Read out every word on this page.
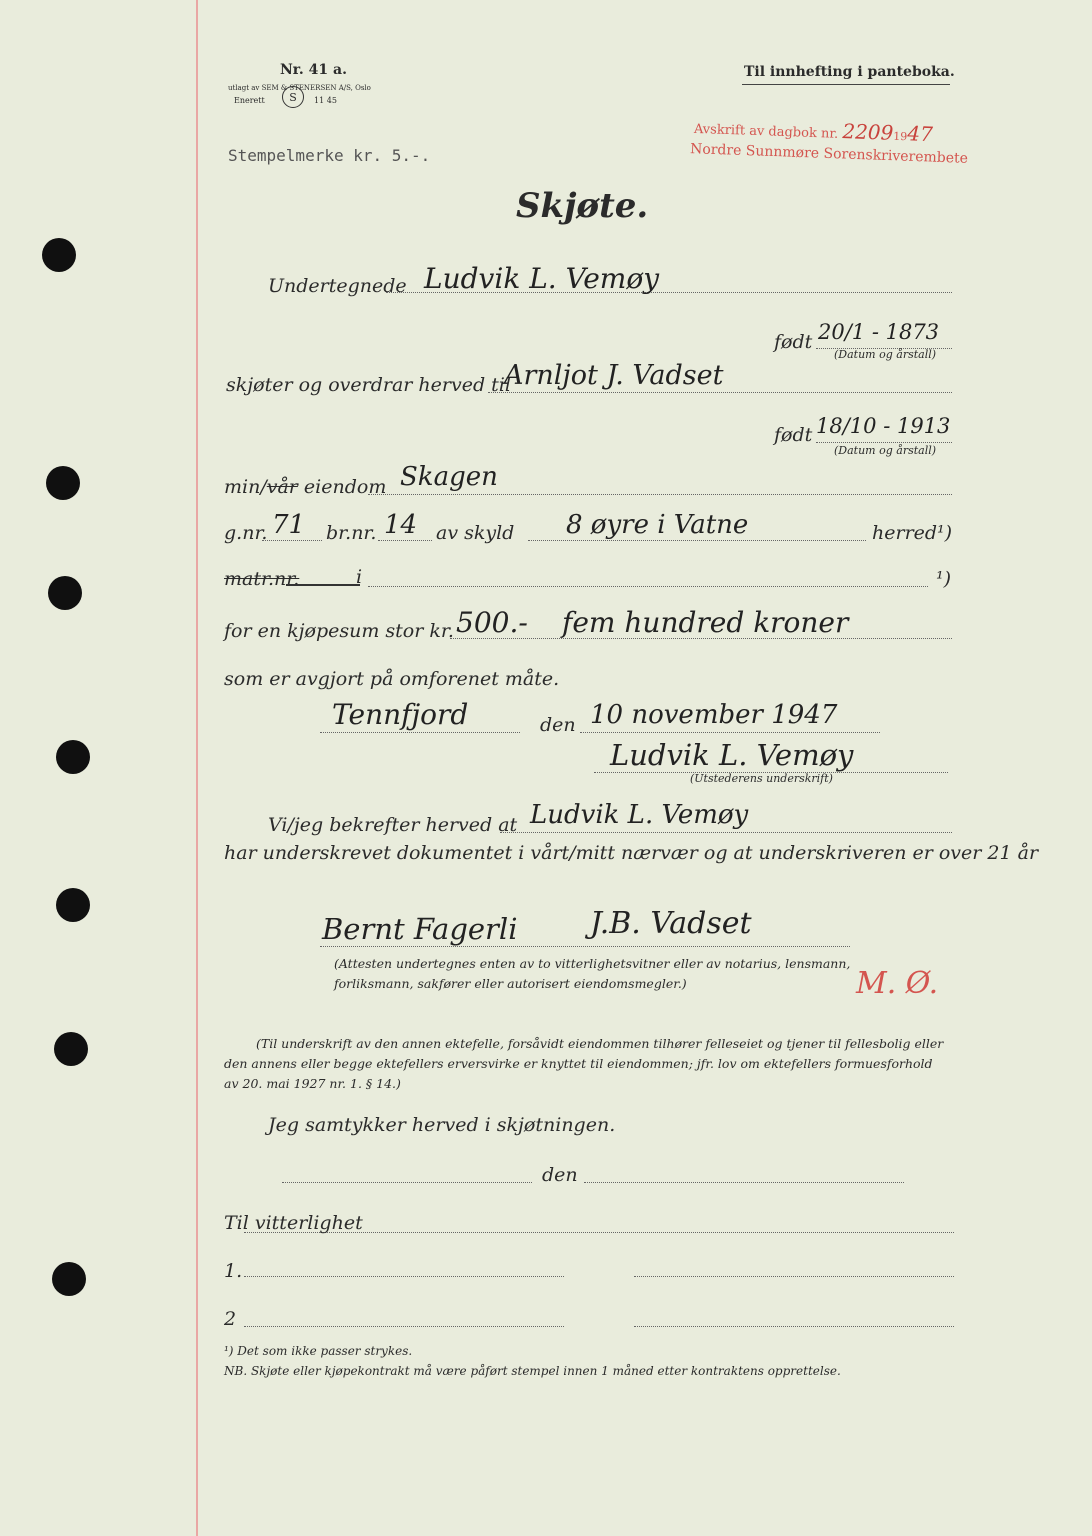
Nr. 41 a.
utlagt av SEM & STENERSEN A/S, Oslo
Enerett	S	11 45
Til innhefting i panteboka.
Avskrift av dagbok nr. 22091947
Nordre Sunnmøre Sorenskriverembete
Stempelmerke kr. 5.-.
Skjøte.
Undertegnede Ludvik L. Vemøy
født 20/1 - 1873
(Datum og årstall)
skjøter og overdrar herved til
Arnljot J. Vadset
født 18/10 - 1913
(Datum og årstall)
min/vår eiendom Skagen
g.nr. 71 br.nr. 14 av skyld 8 øyre i Vatne	herred¹)
matr.nr.	i	¹)
for en kjøpesum stor kr. 500.- fem hundred kroner
som er avgjort på omforenet måte.
Tennfjord	den 10 november 1947
Ludvik L. Vemøy
(Utstederens underskrift)
Vi/jeg bekrefter herved at Ludvik L. Vemøy
har underskrevet dokumentet i vårt/mitt nærvær og at underskriveren er over 21 år
Bernt Fagerli J.B. Vadset
(Attesten undertegnes enten av to vitterlighetsvitner eller av notarius, lensmann,
forliksmann, sakfører eller autorisert eiendomsmegler.)	M. Ø.
(Til underskrift av den annen ektefelle, forsåvidt eiendommen tilhører felleseiet og tjener til fellesbolig eller
den annens eller begge ektefellers erversvirke er knyttet til eiendommen; jfr. lov om ektefellers formuesforhold
av 20. mai 1927 nr. 1. § 14.)
Jeg samtykker herved i skjøtningen.
den
Til vitterlighet
1.
2
¹) Det som ikke passer strykes.
NB. Skjøte eller kjøpekontrakt må være påført stempel innen 1 måned etter kontraktens opprettelse.
